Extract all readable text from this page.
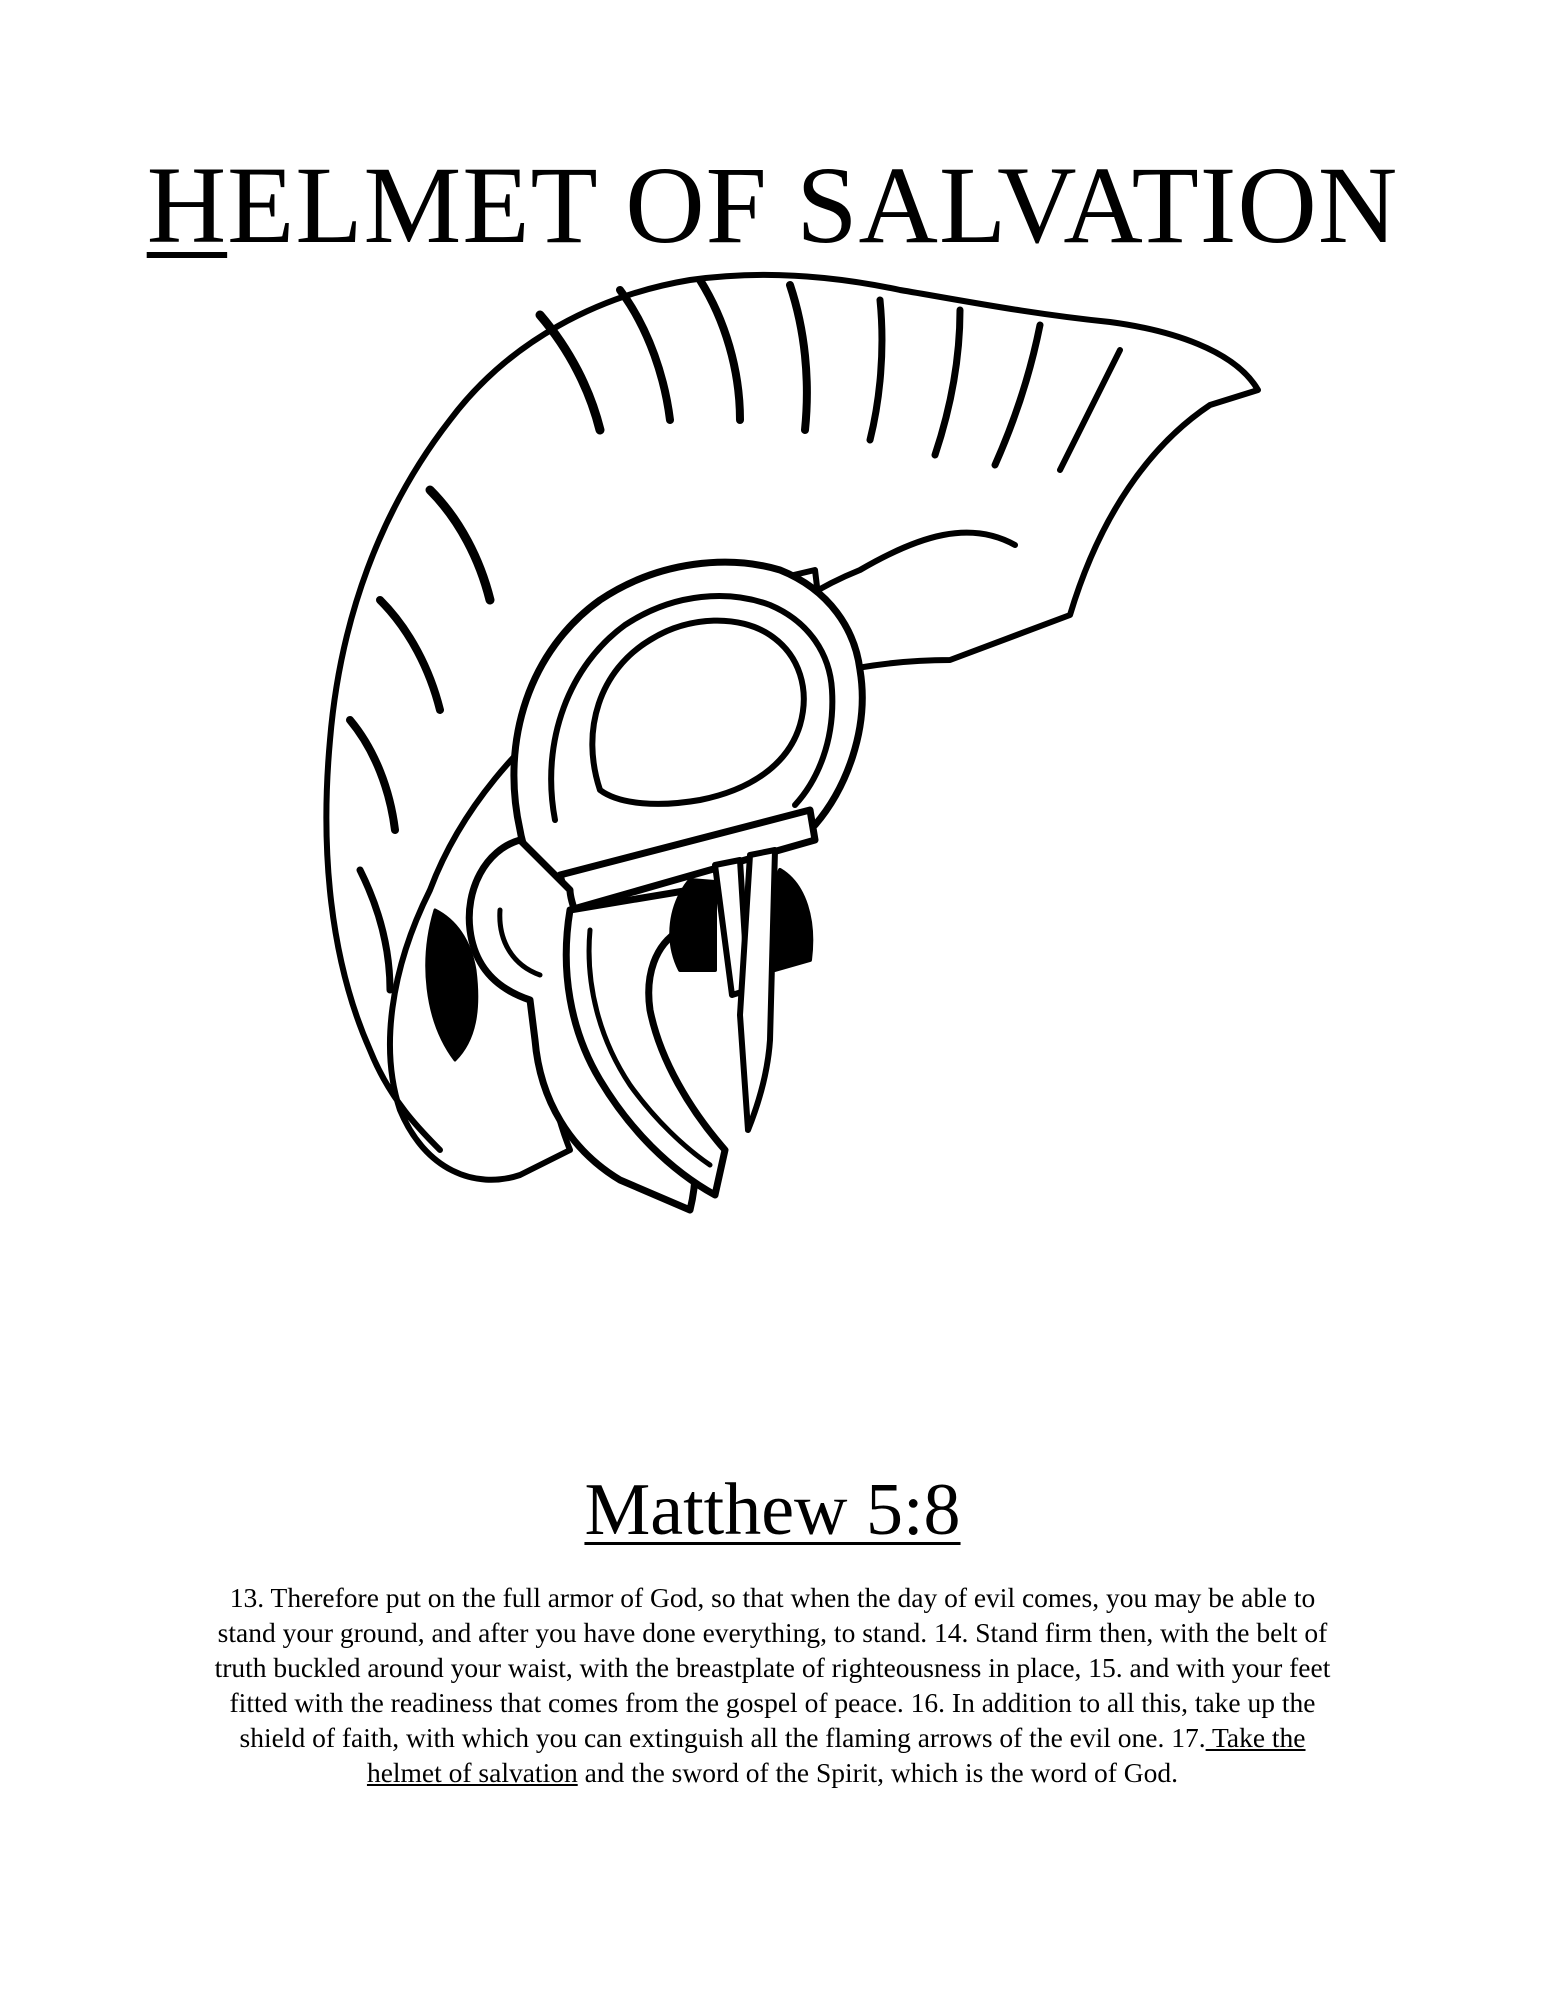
HELMET OF SALVATION
Matthew 5:8

13. Therefore put on the full armor of God, so that when the day of evil comes, you may be able to stand your ground, and after you have done everything, to stand. 14. Stand firm then, with the belt of truth buckled around your waist, with the breastplate of righteousness in place, 15. and with your feet fitted with the readiness that comes from the gospel of peace. 16. In addition to all this, take up the shield of faith, with which you can extinguish all the flaming arrows of the evil one. 17. Take the helmet of salvation and the sword of the Spirit, which is the word of God.
